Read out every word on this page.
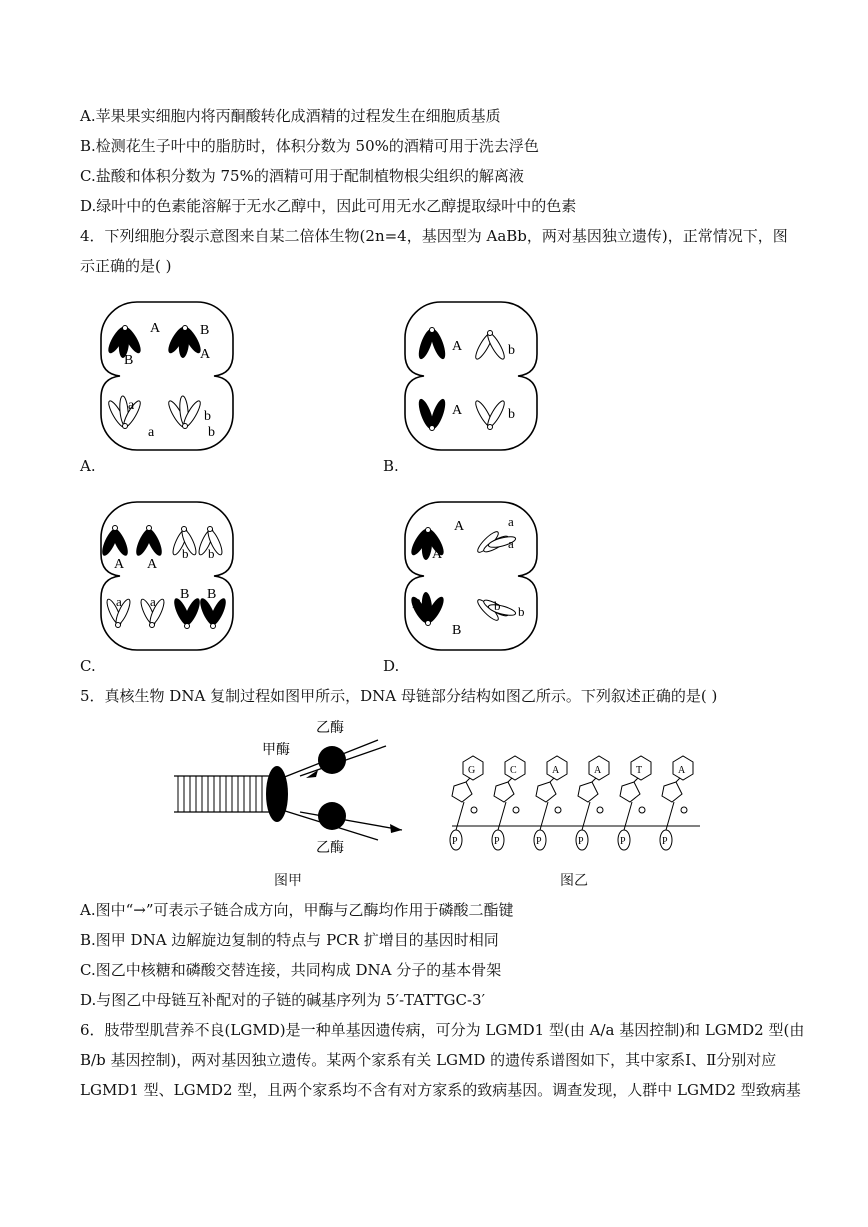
A.苹果果实细胞内将丙酮酸转化成酒精的过程发生在细胞质基质
B.检测花生子叶中的脂肪时，体积分数为 50%的酒精可用于洗去浮色
C.盐酸和体积分数为 75%的酒精可用于配制植物根尖组织的解离液
D.绿叶中的色素能溶解于无水乙醇中，因此可用无水乙醇提取绿叶中的色素
4．下列细胞分裂示意图来自某二倍体生物(2n=4，基因型为 AaBb，两对基因独立遗传)，正常情况下，图
示正确的是( )
A
B
B
A
a
a
b
b
A.
A	b
A	b
B.
A A
b b
a a B B
C.
A
A
a
a
B
B
b b
D.
5．真核生物 DNA 复制过程如图甲所示，DNA 母链部分结构如图乙所示。下列叙述正确的是( )
甲酶
乙酶
乙酶
图甲
G
P
C
P
A
P
A
P
T
P
A
P
图乙
A.图中“→”可表示子链合成方向，甲酶与乙酶均作用于磷酸二酯键
B.图甲 DNA 边解旋边复制的特点与 PCR 扩增目的基因时相同
C.图乙中核糖和磷酸交替连接，共同构成 DNA 分子的基本骨架
D.与图乙中母链互补配对的子链的碱基序列为 5′-TATTGC-3′
6．肢带型肌营养不良(LGMD)是一种单基因遗传病，可分为 LGMD1 型(由 A/a 基因控制)和 LGMD2 型(由
B/b 基因控制)，两对基因独立遗传。某两个家系有关 LGMD 的遗传系谱图如下，其中家系Ⅰ、Ⅱ分别对应
LGMD1 型、LGMD2 型，且两个家系均不含有对方家系的致病基因。调查发现，人群中 LGMD2 型致病基
